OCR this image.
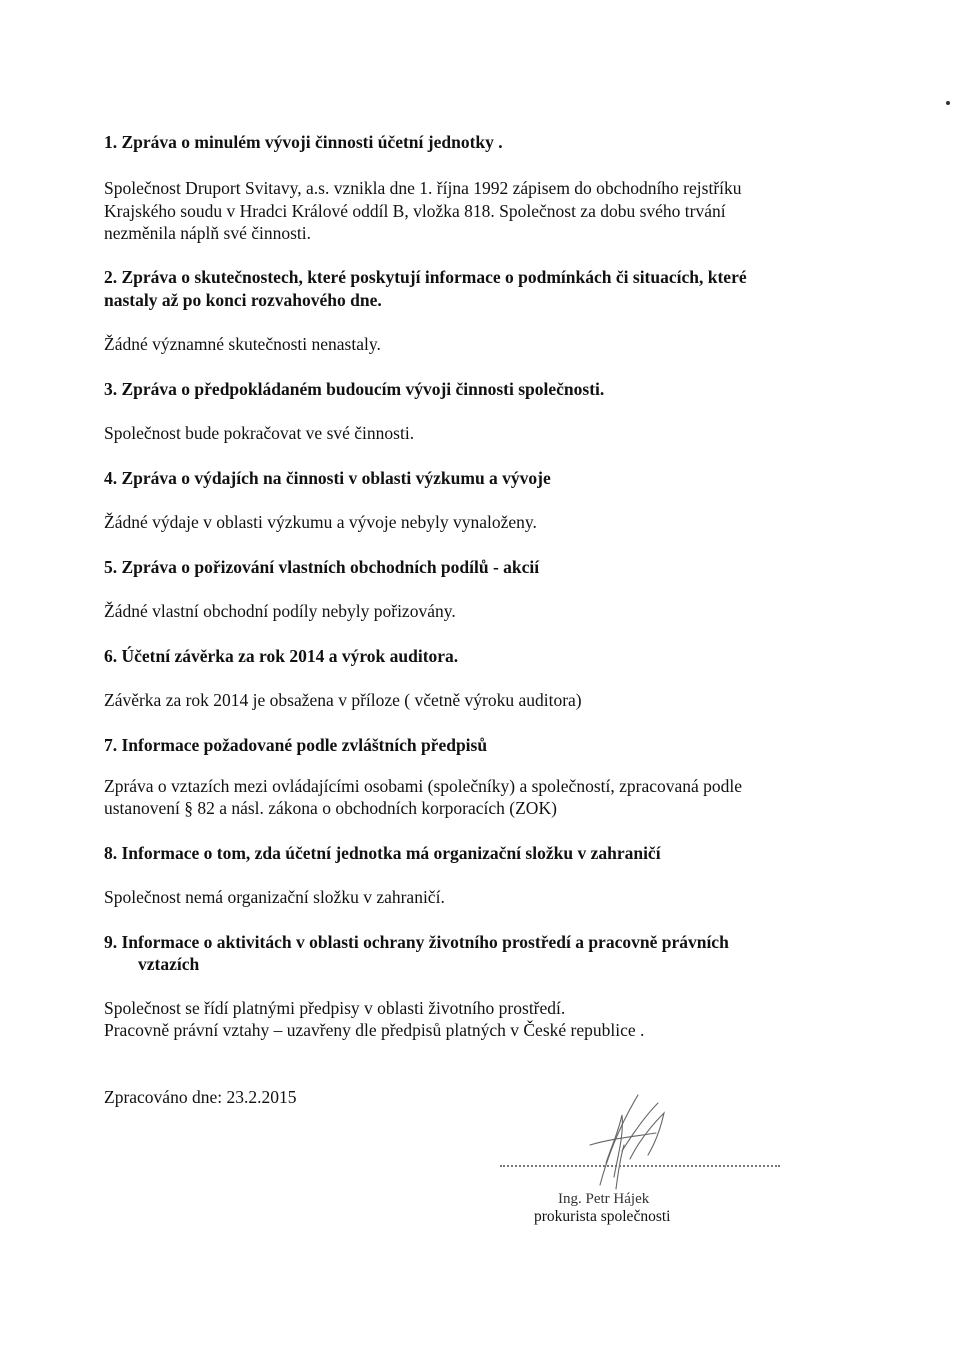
1. Zpráva o minulém vývoji činnosti účetní jednotky .
Společnost Druport Svitavy, a.s. vznikla dne 1. října 1992 zápisem do obchodního rejstříku
Krajského soudu v Hradci Králové oddíl B, vložka 818. Společnost za dobu svého trvání
nezměnila náplň své činnosti.
2. Zpráva o skutečnostech, které poskytují informace o podmínkách či situacích, které
nastaly až po konci rozvahového dne.
Žádné významné skutečnosti nenastaly.
3. Zpráva o předpokládaném budoucím vývoji činnosti společnosti.
Společnost bude pokračovat ve své činnosti.
4. Zpráva o výdajích na činnosti v oblasti výzkumu a vývoje
Žádné výdaje v oblasti výzkumu a vývoje nebyly vynaloženy.
5. Zpráva o pořizování vlastních obchodních podílů - akcií
Žádné vlastní obchodní podíly nebyly pořizovány.
6. Účetní závěrka za rok 2014 a výrok auditora.
Závěrka za rok 2014 je obsažena v příloze ( včetně výroku auditora)
7. Informace požadované podle zvláštních předpisů
Zpráva o vztazích mezi ovládajícími osobami (společníky) a společností, zpracovaná podle
ustanovení § 82 a násl. zákona o obchodních korporacích (ZOK)
8. Informace o tom, zda účetní jednotka má organizační složku v zahraničí
Společnost nemá organizační složku v zahraničí.
9. Informace o aktivitách v oblasti ochrany životního prostředí a pracovně právních
vztazích
Společnost se řídí platnými předpisy v oblasti životního prostředí.
Pracovně právní vztahy – uzavřeny dle předpisů platných v České republice .
Zpracováno dne: 23.2.2015
Ing. Petr Hájek
prokurista společnosti
